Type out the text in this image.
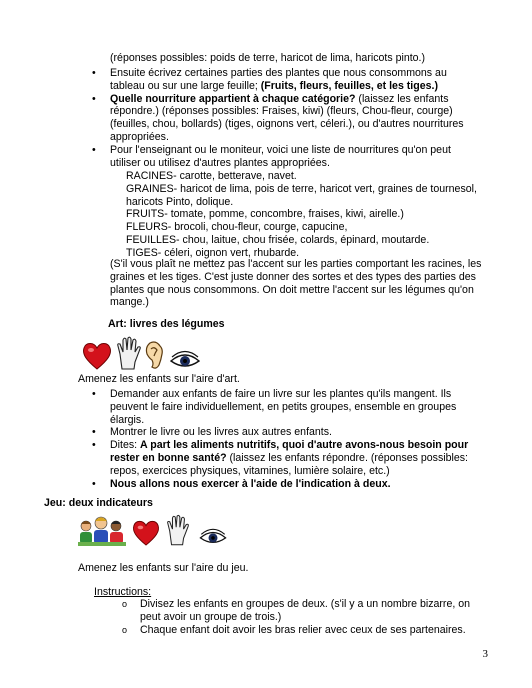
(réponses possibles: poids de terre, haricot de lima, haricots pinto.)
• Ensuite écrivez certaines parties des plantes que nous consommons au tableau ou sur une large feuille; (Fruits, fleurs, feuilles, et les tiges.)
• Quelle nourriture appartient à chaque catégorie? (laissez les enfants répondre.) (réponses possibles: Fraises, kiwi) (fleurs, Chou-fleur, courge) (feuilles, chou, bollards) (tiges, oignons vert, céleri.), ou d'autres nourritures appropriées.
• Pour l'enseignant ou le moniteur, voici une liste de nourritures qu'on peut utiliser ou utilisez d'autres plantes appropriées.

RACINES- carotte, betterave, navet.

GRAINES- haricot de lima, pois de terre, haricot vert, graines de tournesol, haricots Pinto, dolique.

FRUITS- tomate, pomme, concombre, fraises, kiwi, airelle.)

FLEURS- brocoli, chou-fleur, courge, capucine,

FEUILLES- chou, laitue, chou frisée, colards, épinard, moutarde.

TIGES- céleri, oignon vert, rhubarde.

(S'il vous plaît ne mettez pas l'accent sur les parties comportant les racines, les graines et les tiges. C'est juste donner des sortes et des types des parties des plantes que nous consommons. On doit mettre l'accent sur les légumes qu'on mange.)
Art: livres des légumes
Amenez les enfants sur l'aire d'art.
• Demander aux enfants de faire un livre sur les plantes qu'ils mangent. Ils peuvent le faire individuellement, en petits groupes, ensemble en groupes élargis.
• Montrer le livre ou les livres aux autres enfants.
• Dites: A part les aliments nutritifs, quoi d'autre avons-nous besoin pour rester en bonne santé? (laissez les enfants répondre. (réponses possibles: repos, exercices physiques, vitamines, lumière solaire, etc.)
• Nous allons nous exercer à l'aide de l'indication à deux.
Jeu: deux indicateurs
Amenez les enfants sur l'aire du jeu.
Instructions:
o Divisez les enfants en groupes de deux. (s'il y a un nombre bizarre, on peut avoir un groupe de trois.)
o Chaque enfant doit avoir les bras relier avec ceux de ses partenaires.
3
